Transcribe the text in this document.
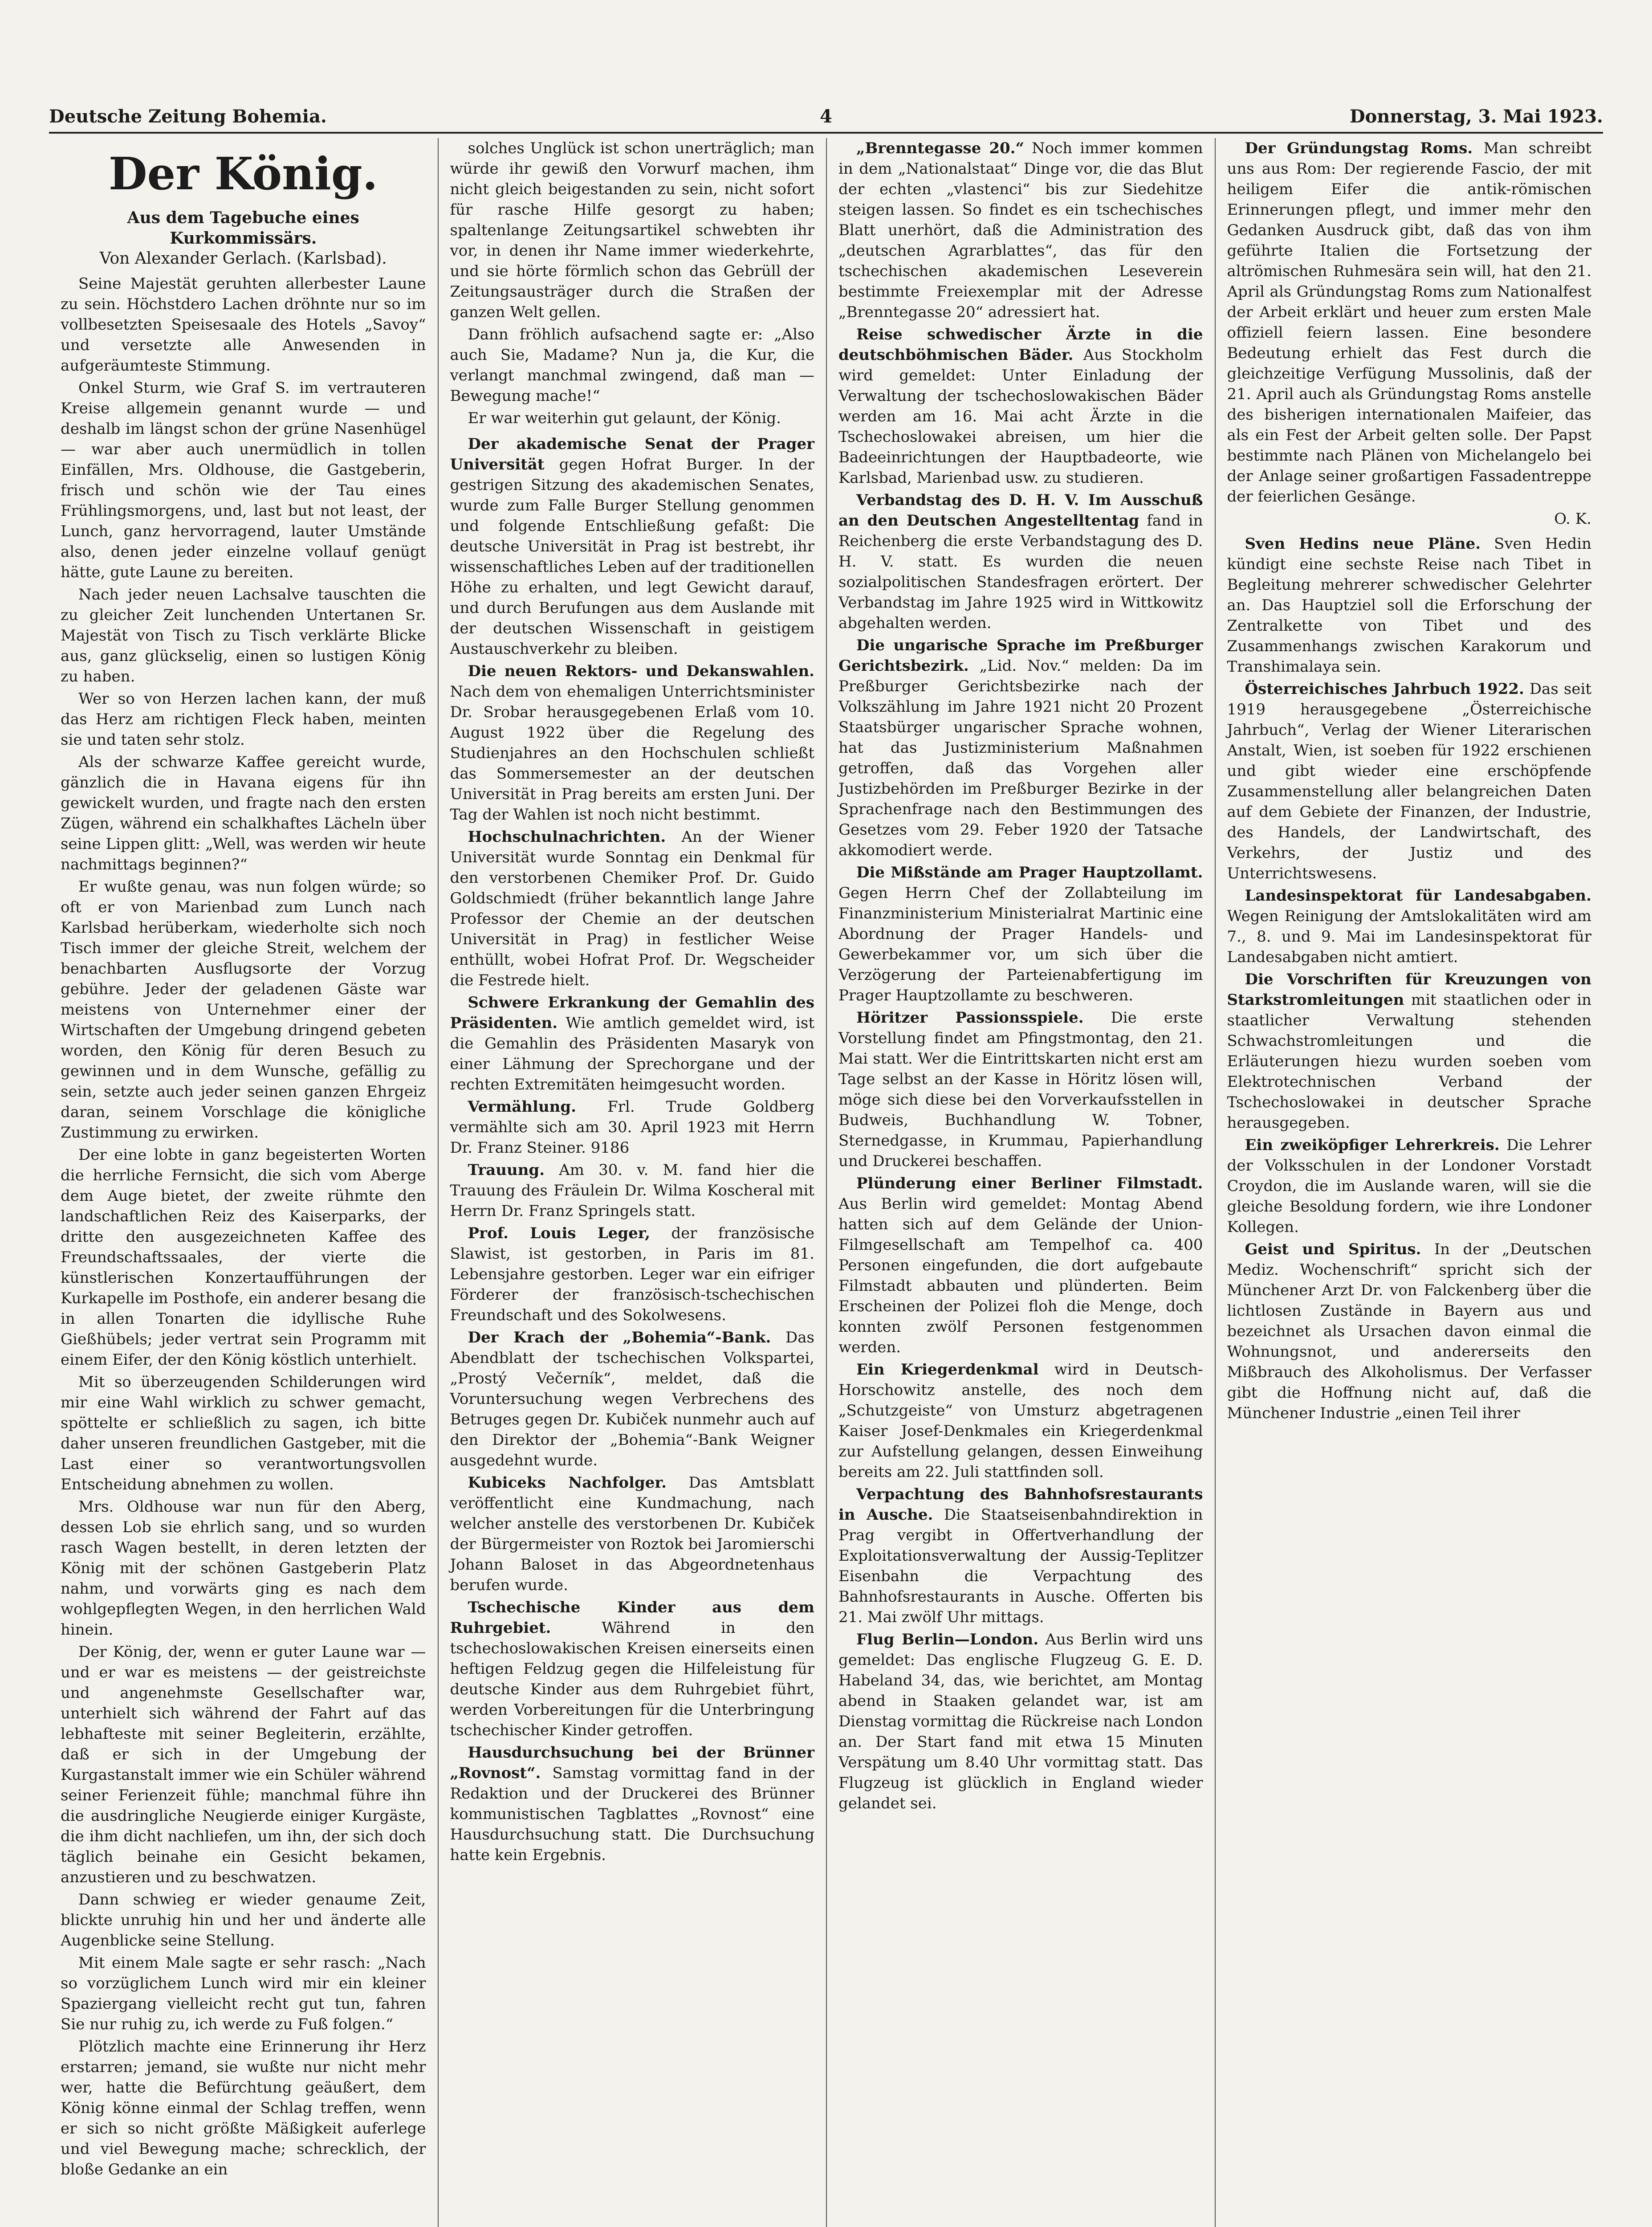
Deutsche Zeitung Bohemia.	4	Donnerstag, 3. Mai 1923.
Der König.
Aus dem Tagebuche eines Kurkommissärs.
Von Alexander Gerlach. (Karlsbad).

Seine Majestät geruhten allerbester Laune zu sein. Höchstdero Lachen dröhnte nur so im vollbesetzten Speisesaale des Hotels „Savoy“ und versetzte alle Anwesenden in aufgeräumteste Stimmung.

Onkel Sturm, wie Graf S. im vertrauteren Kreise allgemein genannt wurde — und deshalb im längst schon der grüne Nasenhügel — war aber auch unermüdlich in tollen Einfällen, Mrs. Oldhouse, die Gastgeberin, frisch und schön wie der Tau eines Frühlingsmorgens, und, last but not least, der Lunch, ganz hervorragend, lauter Umstände also, denen jeder einzelne vollauf genügt hätte, gute Laune zu bereiten.

Nach jeder neuen Lachsalve tauschten die zu gleicher Zeit lunchenden Untertanen Sr. Majestät von Tisch zu Tisch verklärte Blicke aus, ganz glückselig, einen so lustigen König zu haben.

Wer so von Herzen lachen kann, der muß das Herz am richtigen Fleck haben, meinten sie und taten sehr stolz.

Als der schwarze Kaffee gereicht wurde, gänzlich die in Havana eigens für ihn gewickelt wurden, und fragte nach den ersten Zügen, während ein schalkhaftes Lächeln über seine Lippen glitt: „Well, was werden wir heute nachmittags beginnen?“

Er wußte genau, was nun folgen würde; so oft er von Marienbad zum Lunch nach Karlsbad herüberkam, wiederholte sich noch Tisch immer der gleiche Streit, welchem der benachbarten Ausflugsorte der Vorzug gebühre. Jeder der geladenen Gäste war meistens von Unternehmer einer der Wirtschaften der Umgebung dringend gebeten worden, den König für deren Besuch zu gewinnen und in dem Wunsche, gefällig zu sein, setzte auch jeder seinen ganzen Ehrgeiz daran, seinem Vorschlage die königliche Zustimmung zu erwirken.

Der eine lobte in ganz begeisterten Worten die herrliche Fernsicht, die sich vom Aberge dem Auge bietet, der zweite rühmte den landschaftlichen Reiz des Kaiserparks, der dritte den ausgezeichneten Kaffee des Freundschaftssaales, der vierte die künstlerischen Konzertaufführungen der Kurkapelle im Posthofe, ein anderer besang die in allen Tonarten die idyllische Ruhe Gießhübels; jeder vertrat sein Programm mit einem Eifer, der den König köstlich unterhielt.

Mit so überzeugenden Schilderungen wird mir eine Wahl wirklich zu schwer gemacht, spöttelte er schließlich zu sagen, ich bitte daher unseren freundlichen Gastgeber, mit die Last einer so verantwortungsvollen Entscheidung abnehmen zu wollen.

Mrs. Oldhouse war nun für den Aberg, dessen Lob sie ehrlich sang, und so wurden rasch Wagen bestellt, in deren letzten der König mit der schönen Gastgeberin Platz nahm, und vorwärts ging es nach dem wohlgepflegten Wegen, in den herrlichen Wald hinein.

Der König, der, wenn er guter Laune war — und er war es meistens — der geistreichste und angenehmste Gesellschafter war, unterhielt sich während der Fahrt auf das lebhafteste mit seiner Begleiterin, erzählte, daß er sich in der Umgebung der Kurgastanstalt immer wie ein Schüler während seiner Ferienzeit fühle; manchmal führe ihn die ausdringliche Neugierde einiger Kurgäste, die ihm dicht nachliefen, um ihn, der sich doch täglich beinahe ein Gesicht bekamen, anzustieren und zu beschwatzen.

Dann schwieg er wieder genaume Zeit, blickte unruhig hin und her und änderte alle Augenblicke seine Stellung.

Mit einem Male sagte er sehr rasch: „Nach so vorzüglichem Lunch wird mir ein kleiner Spaziergang vielleicht recht gut tun, fahren Sie nur ruhig zu, ich werde zu Fuß folgen.“

Plötzlich machte eine Erinnerung ihr Herz erstarren; jemand, sie wußte nur nicht mehr wer, hatte die Befürchtung geäußert, dem König könne einmal der Schlag treffen, wenn er sich so nicht größte Mäßigkeit auferlege und viel Bewegung mache; schrecklich, der bloße Gedanke an ein

solches Unglück ist schon unerträglich; man würde ihr gewiß den Vorwurf machen, ihm nicht gleich beigestanden zu sein, nicht sofort für rasche Hilfe gesorgt zu haben; spaltenlange Zeitungsartikel schwebten ihr vor, in denen ihr Name immer wiederkehrte, und sie hörte förmlich schon das Gebrüll der Zeitungsausträger durch die Straßen der ganzen Welt gellen.

Dann fröhlich aufsachend sagte er: „Also auch Sie, Madame? Nun ja, die Kur, die verlangt manchmal zwingend, daß man — Bewegung mache!“

Er war weiterhin gut gelaunt, der König.

Der akademische Senat der Prager Universität gegen Hofrat Burger. In der gestrigen Sitzung des akademischen Senates, wurde zum Falle Burger Stellung genommen und folgende Entschließung gefaßt: Die deutsche Universität in Prag ist bestrebt, ihr wissenschaftliches Leben auf der traditionellen Höhe zu erhalten, und legt Gewicht darauf, und durch Berufungen aus dem Auslande mit der deutschen Wissenschaft in geistigem Austauschverkehr zu bleiben.

Die neuen Rektors- und Dekanswahlen. Nach dem von ehemaligen Unterrichtsminister Dr. Srobar herausgegebenen Erlaß vom 10. August 1922 über die Regelung des Studienjahres an den Hochschulen schließt das Sommersemester an der deutschen Universität in Prag bereits am ersten Juni. Der Tag der Wahlen ist noch nicht bestimmt.

Hochschulnachrichten. An der Wiener Universität wurde Sonntag ein Denkmal für den verstorbenen Chemiker Prof. Dr. Guido Goldschmiedt (früher bekanntlich lange Jahre Professor der Chemie an der deutschen Universität in Prag) in festlicher Weise enthüllt, wobei Hofrat Prof. Dr. Wegscheider die Festrede hielt.

Schwere Erkrankung der Gemahlin des Präsidenten. Wie amtlich gemeldet wird, ist die Gemahlin des Präsidenten Masaryk von einer Lähmung der Sprechorgane und der rechten Extremitäten heimgesucht worden.

Vermählung. Frl. Trude Goldberg vermählte sich am 30. April 1923 mit Herrn Dr. Franz Steiner. 9186

Trauung. Am 30. v. M. fand hier die Trauung des Fräulein Dr. Wilma Koscheral mit Herrn Dr. Franz Springels statt.

Prof. Louis Leger, der französische Slawist, ist gestorben, in Paris im 81. Lebensjahre gestorben. Leger war ein eifriger Förderer der französisch-tschechischen Freundschaft und des Sokolwesens.

Der Krach der „Bohemia“-Bank. Das Abendblatt der tschechischen Volkspartei, „Prostý Večerník“, meldet, daß die Voruntersuchung wegen Verbrechens des Betruges gegen Dr. Kubiček nunmehr auch auf den Direktor der „Bohemia“-Bank Weigner ausgedehnt wurde.

Kubiceks Nachfolger. Das Amtsblatt veröffentlicht eine Kundmachung, nach welcher anstelle des verstorbenen Dr. Kubiček der Bürgermeister von Roztok bei Jaromierschi Johann Baloset in das Abgeordnetenhaus berufen wurde.

Tschechische Kinder aus dem Ruhrgebiet. Während in den tschechoslowakischen Kreisen einerseits einen heftigen Feldzug gegen die Hilfeleistung für deutsche Kinder aus dem Ruhrgebiet führt, werden Vorbereitungen für die Unterbringung tschechischer Kinder getroffen.

Hausdurchsuchung bei der Brünner „Rovnost“. Samstag vormittag fand in der Redaktion und der Druckerei des Brünner kommunistischen Tagblattes „Rovnost“ eine Hausdurchsuchung statt. Die Durchsuchung hatte kein Ergebnis.

„Brenntegasse 20.“ Noch immer kommen in dem „Nationalstaat“ Dinge vor, die das Blut der echten „vlastenci“ bis zur Siedehitze steigen lassen. So findet es ein tschechisches Blatt unerhört, daß die Administration des „deutschen Agrarblattes“, das für den tschechischen akademischen Leseverein bestimmte Freiexemplar mit der Adresse „Brenntegasse 20“ adressiert hat.

Reise schwedischer Ärzte in die deutschböhmischen Bäder. Aus Stockholm wird gemeldet: Unter Einladung der Verwaltung der tschechoslowakischen Bäder werden am 16. Mai acht Ärzte in die Tschechoslowakei abreisen, um hier die Badeeinrichtungen der Hauptbadeorte, wie Karlsbad, Marienbad usw. zu studieren.

Verbandstag des D. H. V. Im Ausschuß an den Deutschen Angestelltentag fand in Reichenberg die erste Verbandstagung des D. H. V. statt. Es wurden die neuen sozialpolitischen Standesfragen erörtert. Der Verbandstag im Jahre 1925 wird in Wittkowitz abgehalten werden.

Die ungarische Sprache im Preßburger Gerichtsbezirk. „Lid. Nov.“ melden: Da im Preßburger Gerichtsbezirke nach der Volkszählung im Jahre 1921 nicht 20 Prozent Staatsbürger ungarischer Sprache wohnen, hat das Justizministerium Maßnahmen getroffen, daß das Vorgehen aller Justizbehörden im Preßburger Bezirke in der Sprachenfrage nach den Bestimmungen des Gesetzes vom 29. Feber 1920 der Tatsache akkomodiert werde.

Die Mißstände am Prager Hauptzollamt. Gegen Herrn Chef der Zollabteilung im Finanzministerium Ministerialrat Martinic eine Abordnung der Prager Handels- und Gewerbekammer vor, um sich über die Verzögerung der Parteienabfertigung im Prager Hauptzollamte zu beschweren.

Höritzer Passionsspiele. Die erste Vorstellung findet am Pfingstmontag, den 21. Mai statt. Wer die Eintrittskarten nicht erst am Tage selbst an der Kasse in Höritz lösen will, möge sich diese bei den Vorverkaufsstellen in Budweis, Buchhandlung W. Tobner, Sternedgasse, in Krummau, Papierhandlung und Druckerei beschaffen.

Plünderung einer Berliner Filmstadt. Aus Berlin wird gemeldet: Montag Abend hatten sich auf dem Gelände der Union-Filmgesellschaft am Tempelhof ca. 400 Personen eingefunden, die dort aufgebaute Filmstadt abbauten und plünderten. Beim Erscheinen der Polizei floh die Menge, doch konnten zwölf Personen festgenommen werden.

Ein Kriegerdenkmal wird in Deutsch-Horschowitz anstelle, des noch dem „Schutzgeiste“ von Umsturz abgetragenen Kaiser Josef-Denkmales ein Kriegerdenkmal zur Aufstellung gelangen, dessen Einweihung bereits am 22. Juli stattfinden soll.

Verpachtung des Bahnhofsrestaurants in Ausche. Die Staatseisenbahndirektion in Prag vergibt in Offertverhandlung der Exploitationsverwaltung der Aussig-Teplitzer Eisenbahn die Verpachtung des Bahnhofsrestaurants in Ausche. Offerten bis 21. Mai zwölf Uhr mittags.

Flug Berlin—London. Aus Berlin wird uns gemeldet: Das englische Flugzeug G. E. D. Habeland 34, das, wie berichtet, am Montag abend in Staaken gelandet war, ist am Dienstag vormittag die Rückreise nach London an. Der Start fand mit etwa 15 Minuten Verspätung um 8.40 Uhr vormittag statt. Das Flugzeug ist glücklich in England wieder gelandet sei.

Der Gründungstag Roms. Man schreibt uns aus Rom: Der regierende Fascio, der mit heiligem Eifer die antik-römischen Erinnerungen pflegt, und immer mehr den Gedanken Ausdruck gibt, daß das von ihm geführte Italien die Fortsetzung der altrömischen Ruhmesära sein will, hat den 21. April als Gründungstag Roms zum Nationalfest der Arbeit erklärt und heuer zum ersten Male offiziell feiern lassen. Eine besondere Bedeutung erhielt das Fest durch die gleichzeitige Verfügung Mussolinis, daß der 21. April auch als Gründungstag Roms anstelle des bisherigen internationalen Maifeier, das als ein Fest der Arbeit gelten solle. Der Papst bestimmte nach Plänen von Michelangelo bei der Anlage seiner großartigen Fassadentreppe der feierlichen Gesänge.

O. K.

Sven Hedins neue Pläne. Sven Hedin kündigt eine sechste Reise nach Tibet in Begleitung mehrerer schwedischer Gelehrter an. Das Hauptziel soll die Erforschung der Zentralkette von Tibet und des Zusammenhangs zwischen Karakorum und Transhimalaya sein.

Österreichisches Jahrbuch 1922. Das seit 1919 herausgegebene „Österreichische Jahrbuch“, Verlag der Wiener Literarischen Anstalt, Wien, ist soeben für 1922 erschienen und gibt wieder eine erschöpfende Zusammenstellung aller belangreichen Daten auf dem Gebiete der Finanzen, der Industrie, des Handels, der Landwirtschaft, des Verkehrs, der Justiz und des Unterrichtswesens.

Landesinspektorat für Landesabgaben. Wegen Reinigung der Amtslokalitäten wird am 7., 8. und 9. Mai im Landesinspektorat für Landesabgaben nicht amtiert.

Die Vorschriften für Kreuzungen von Starkstromleitungen mit staatlichen oder in staatlicher Verwaltung stehenden Schwachstromleitungen und die Erläuterungen hiezu wurden soeben vom Elektrotechnischen Verband der Tschechoslowakei in deutscher Sprache herausgegeben.

Ein zweiköpfiger Lehrerkreis. Die Lehrer der Volksschulen in der Londoner Vorstadt Croydon, die im Auslande waren, will sie die gleiche Besoldung fordern, wie ihre Londoner Kollegen.

Geist und Spiritus. In der „Deutschen Mediz. Wochenschrift“ spricht sich der Münchener Arzt Dr. von Falckenberg über die lichtlosen Zustände in Bayern aus und bezeichnet als Ursachen davon einmal die Wohnungsnot, und andererseits den Mißbrauch des Alkoholismus. Der Verfasser gibt die Hoffnung nicht auf, daß die Münchener Industrie „einen Teil ihrer
